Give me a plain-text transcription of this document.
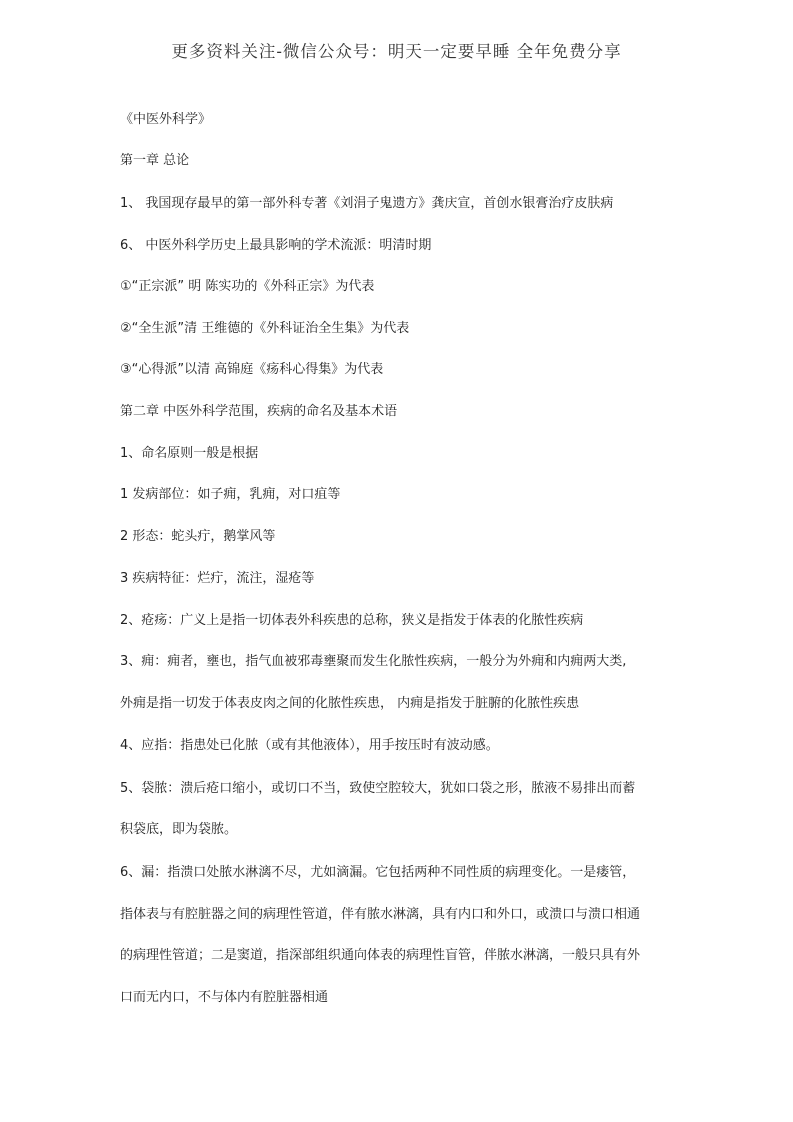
更多资料关注-微信公众号：明天一定要早睡 全年免费分享
《中医外科学》
第一章 总论
1、 我国现存最早的第一部外科专著《刘涓子鬼遗方》龚庆宣，首创水银膏治疗皮肤病
6、 中医外科学历史上最具影响的学术流派：明清时期
①“正宗派” 明 陈实功的《外科正宗》为代表
②“全生派”清 王维德的《外科证治全生集》为代表
③“心得派”以清 高锦庭《疡科心得集》为代表
第二章 中医外科学范围，疾病的命名及基本术语
1、命名原则一般是根据
1 发病部位：如子痈，乳痈，对口疽等
2 形态：蛇头疔，鹅掌风等
3 疾病特征：烂疔，流注，湿疮等
2、疮疡：广义上是指一切体表外科疾患的总称，狭义是指发于体表的化脓性疾病
3、痈：痈者，壅也，指气血被邪毒壅聚而发生化脓性疾病，一般分为外痈和内痈两大类,
外痈是指一切发于体表皮肉之间的化脓性疾患， 内痈是指发于脏腑的化脓性疾患
4、应指：指患处已化脓（或有其他液体），用手按压时有波动感。
5、袋脓：溃后疮口缩小，或切口不当，致使空腔较大，犹如口袋之形，脓液不易排出而蓄
积袋底，即为袋脓。
6、漏：指溃口处脓水淋漓不尽，尤如滴漏。它包括两种不同性质的病理变化。一是瘘管，
指体表与有腔脏器之间的病理性管道，伴有脓水淋漓，具有内口和外口，或溃口与溃口相通
的病理性管道；二是窦道，指深部组织通向体表的病理性盲管，伴脓水淋漓，一般只具有外
口而无内口，不与体内有腔脏器相通
